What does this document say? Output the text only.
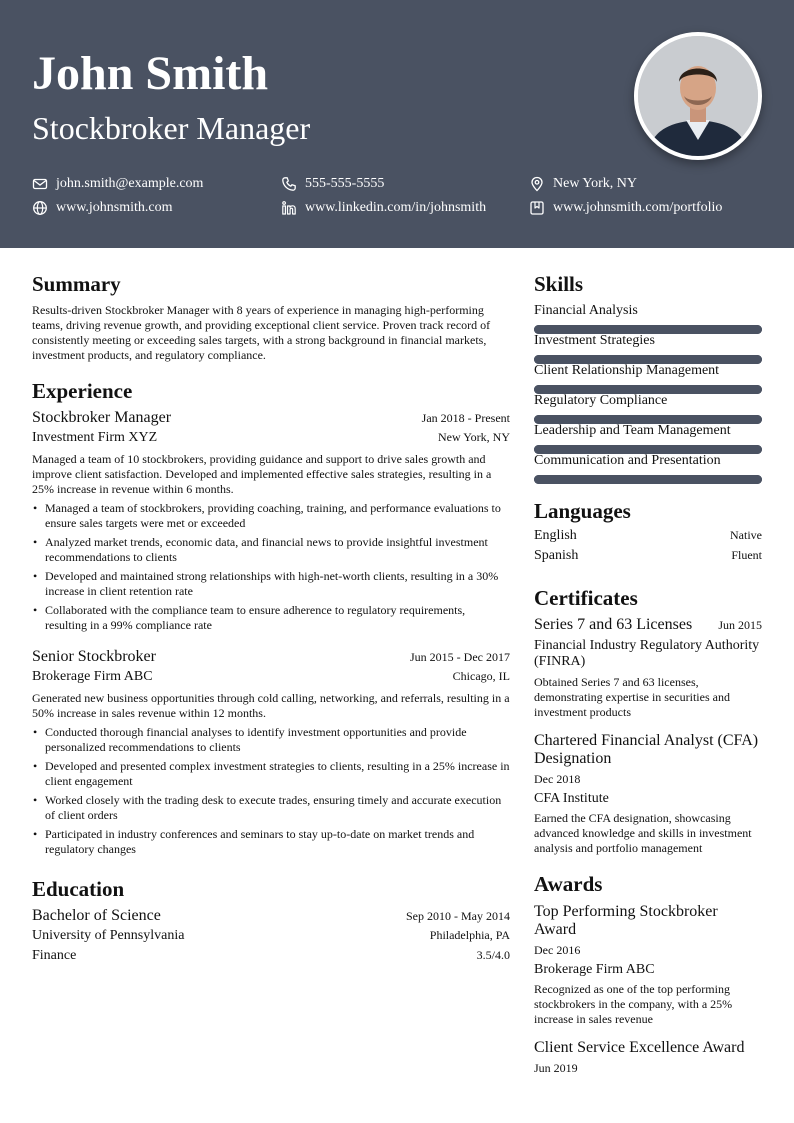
John Smith
Stockbroker Manager
john.smith@example.com	555-555-5555	New York, NY
www.johnsmith.com	www.linkedin.com/in/johnsmith	www.johnsmith.com/portfolio
Summary
Results-driven Stockbroker Manager with 8 years of experience in managing high-performing teams, driving revenue growth, and providing exceptional client service. Proven track record of consistently meeting or exceeding sales targets, with a strong background in financial markets, investment products, and regulatory compliance.
Experience
Stockbroker Manager	Jan 2018 - Present
Investment Firm XYZ	New York, NY
Managed a team of 10 stockbrokers, providing guidance and support to drive sales growth and improve client satisfaction. Developed and implemented effective sales strategies, resulting in a 25% increase in revenue within 6 months.
• Managed a team of stockbrokers, providing coaching, training, and performance evaluations to ensure sales targets were met or exceeded
• Analyzed market trends, economic data, and financial news to provide insightful investment recommendations to clients
• Developed and maintained strong relationships with high-net-worth clients, resulting in a 30% increase in client retention rate
• Collaborated with the compliance team to ensure adherence to regulatory requirements, resulting in a 99% compliance rate
Senior Stockbroker	Jun 2015 - Dec 2017
Brokerage Firm ABC	Chicago, IL
Generated new business opportunities through cold calling, networking, and referrals, resulting in a 50% increase in sales revenue within 12 months.
• Conducted thorough financial analyses to identify investment opportunities and provide personalized recommendations to clients
• Developed and presented complex investment strategies to clients, resulting in a 25% increase in client engagement
• Worked closely with the trading desk to execute trades, ensuring timely and accurate execution of client orders
• Participated in industry conferences and seminars to stay up-to-date on market trends and regulatory changes
Education
Bachelor of Science	Sep 2010 - May 2014
University of Pennsylvania	Philadelphia, PA
Finance	3.5/4.0
Skills
Financial Analysis
Investment Strategies
Client Relationship Management
Regulatory Compliance
Leadership and Team Management
Communication and Presentation
Languages
English	Native
Spanish	Fluent
Certificates
Series 7 and 63 Licenses Jun 2015
Financial Industry Regulatory Authority (FINRA)
Obtained Series 7 and 63 licenses, demonstrating expertise in securities and investment products
Chartered Financial Analyst (CFA) Designation
Dec 2018
CFA Institute
Earned the CFA designation, showcasing advanced knowledge and skills in investment analysis and portfolio management
Awards
Top Performing Stockbroker Award
Dec 2016
Brokerage Firm ABC
Recognized as one of the top performing stockbrokers in the company, with a 25% increase in sales revenue
Client Service Excellence Award
Jun 2019
